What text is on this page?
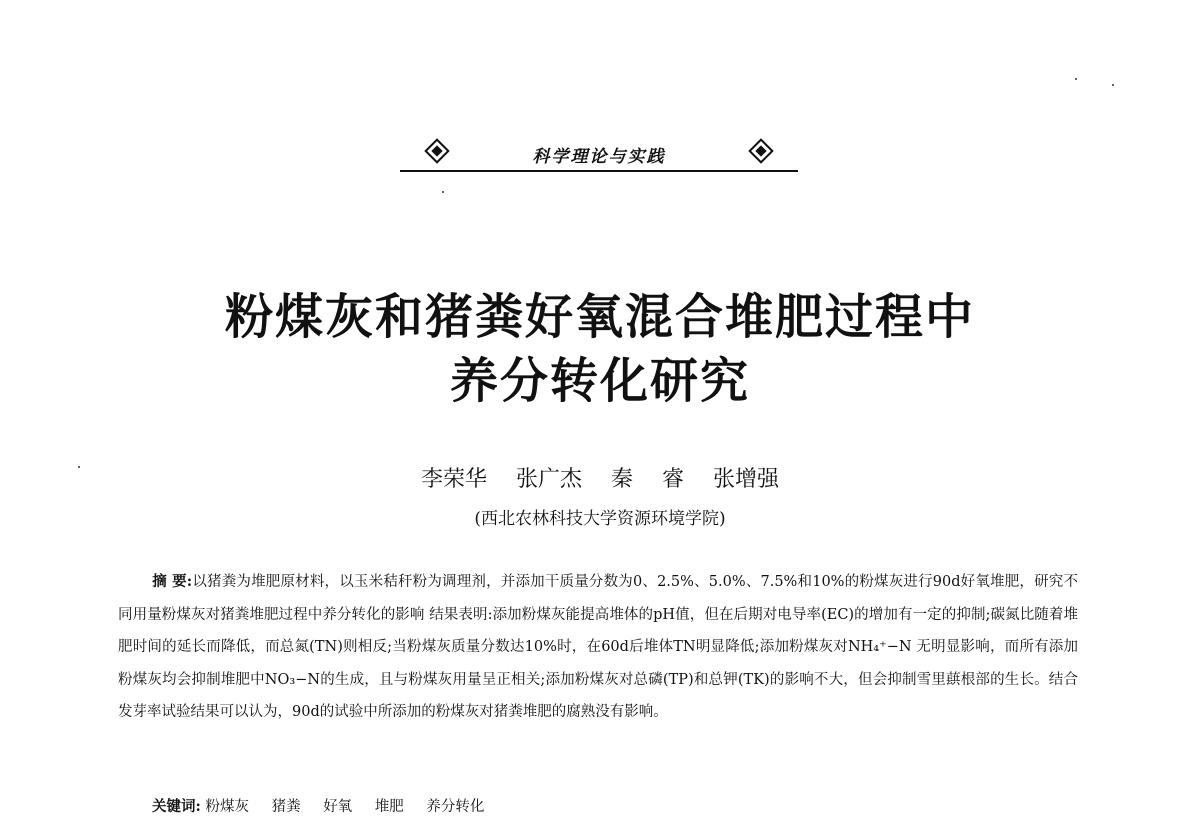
科学理论与实践
粉煤灰和猪粪好氧混合堆肥过程中
养分转化研究
李荣华 张广杰 秦 睿 张增强
(西北农林科技大学资源环境学院)
摘 要:以猪粪为堆肥原材料，以玉米秸秆粉为调理剂，并添加干质量分数为0、2.5%、5.0%、7.5%和10%的粉煤灰进行90d好氧堆肥，研究不同用量粉煤灰对猪粪堆肥过程中养分转化的影响 结果表明:添加粉煤灰能提高堆体的pH值，但在后期对电导率(EC)的增加有一定的抑制;碳氮比随着堆肥时间的延长而降低，而总氮(TN)则相反;当粉煤灰质量分数达10%时，在60d后堆体TN明显降低;添加粉煤灰对NH₄⁺−N 无明显影响，而所有添加粉煤灰均会抑制堆肥中NO₃−N的生成，且与粉煤灰用量呈正相关;添加粉煤灰对总磷(TP)和总钾(TK)的影响不大，但会抑制雪里蕻根部的生长。结合发芽率试验结果可以认为，90d的试验中所添加的粉煤灰对猪粪堆肥的腐熟没有影响。
关键词: 粉煤灰 猪粪 好氧 堆肥 养分转化
